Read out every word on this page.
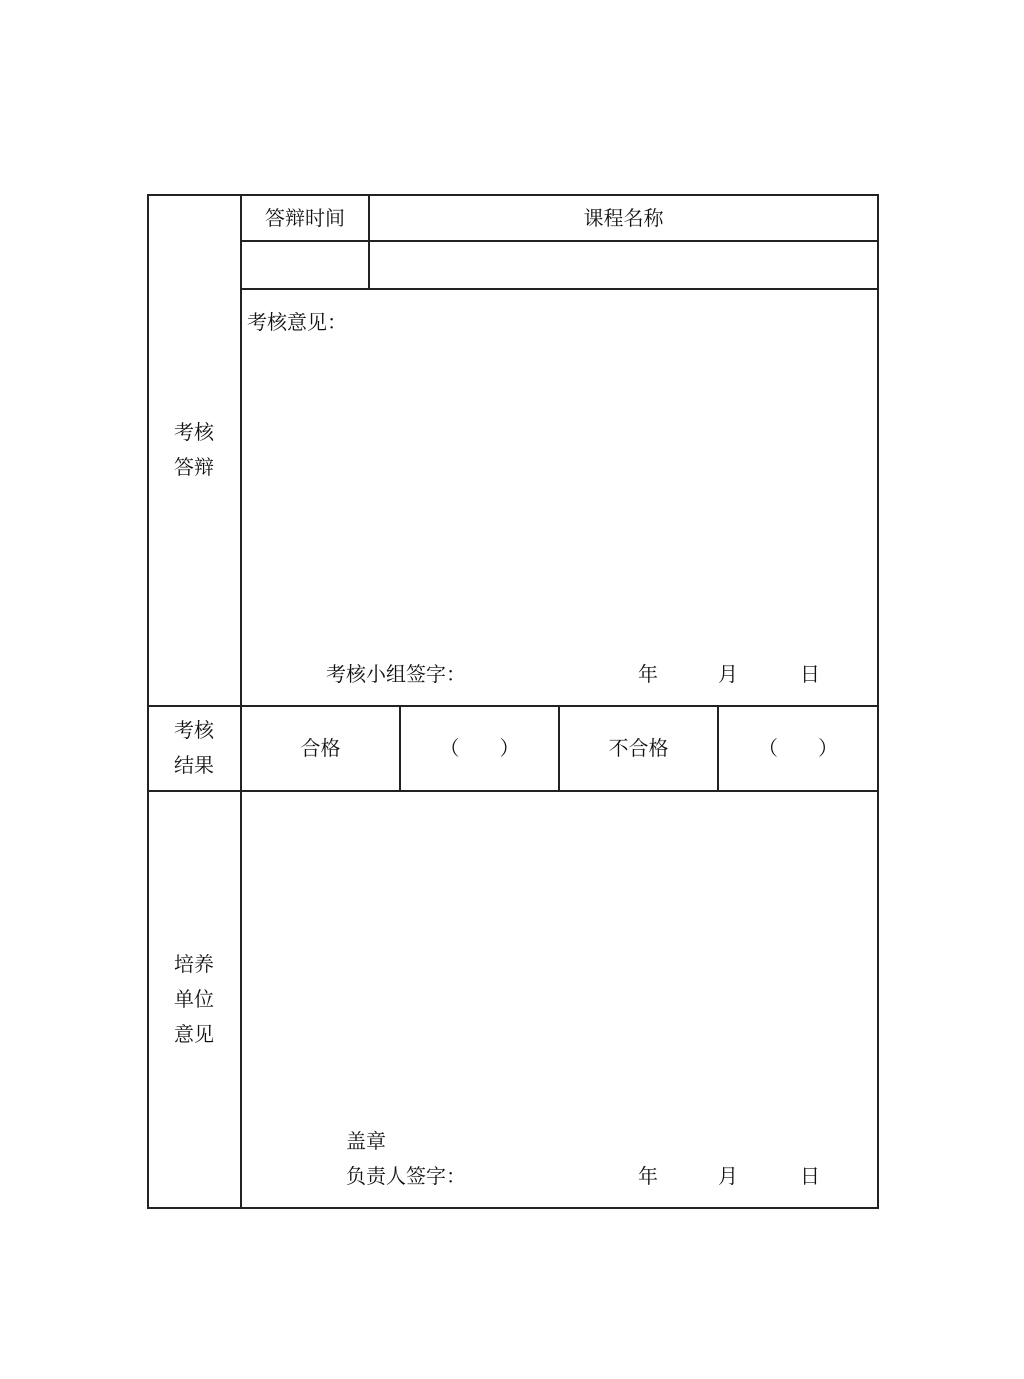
答辩时间	课程名称
考核
答辩
考核意见：
考核小组签字：	年	月	日
考核
结果
合格	（　　）	不合格	（　　）
培养
单位
意见
盖章
负责人签字：	年	月	日
